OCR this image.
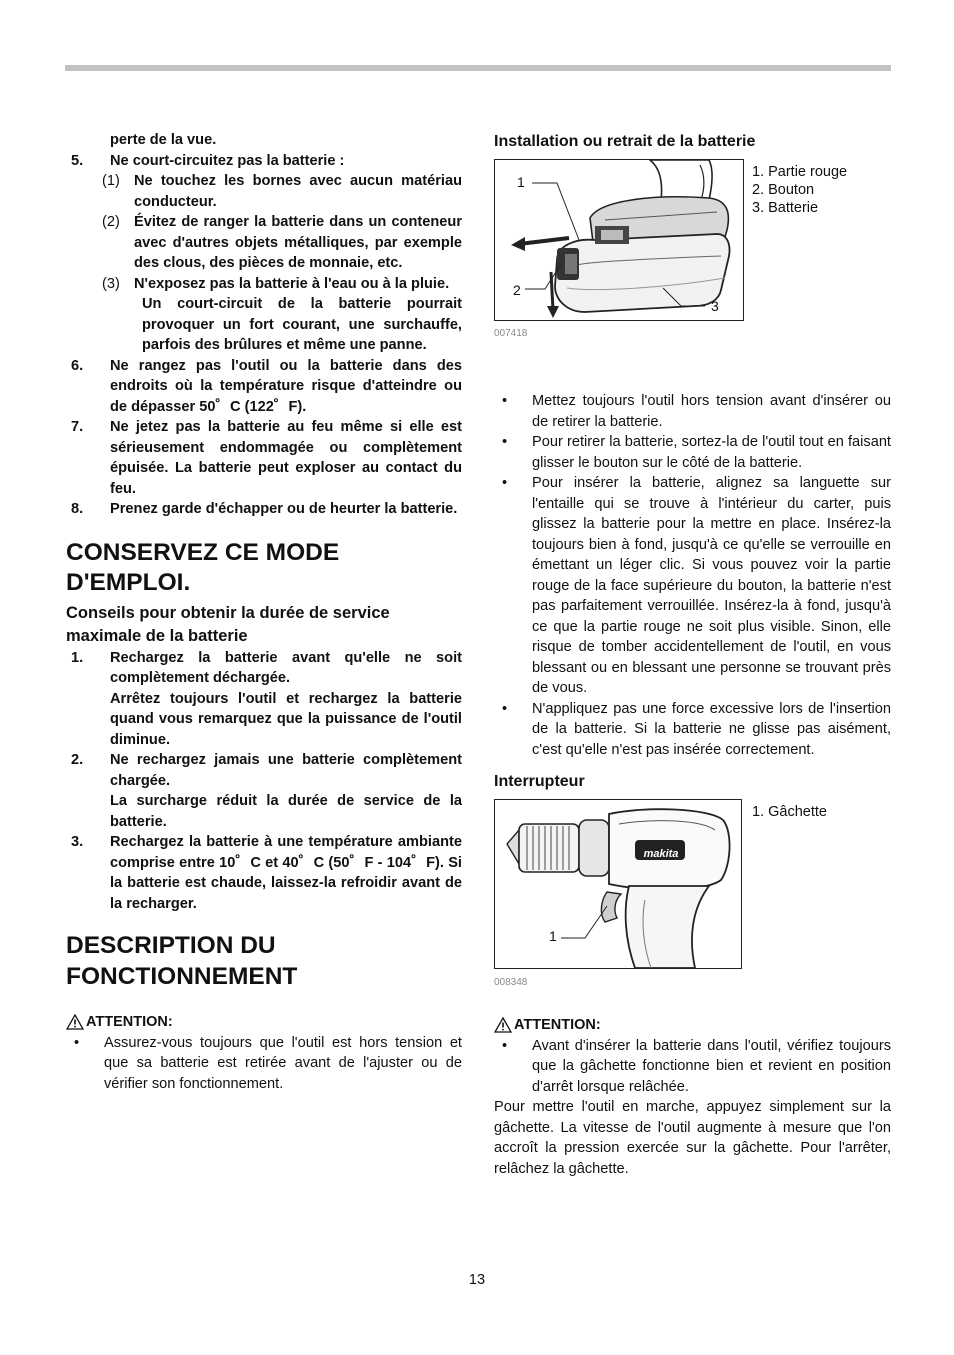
perte de la vue.
5.	Ne court-circuitez pas la batterie :
(1) Ne touchez les bornes avec aucun matériau conducteur.
(2) Évitez de ranger la batterie dans un conteneur avec d'autres objets métalliques, par exemple des clous, des pièces de monnaie, etc.
(3) N'exposez pas la batterie à l'eau ou à la pluie.
Un court-circuit de la batterie pourrait provoquer un fort courant, une surchauffe, parfois des brûlures et même une panne.
6.	Ne rangez pas l'outil ou la batterie dans des endroits où la température risque d'atteindre ou de dépasser 50゜C (122゜F).
7.	Ne jetez pas la batterie au feu même si elle est sérieusement endommagée ou complètement épuisée. La batterie peut exploser au contact du feu.
8.	Prenez garde d'échapper ou de heurter la batterie.
CONSERVEZ CE MODE D'EMPLOI.
Conseils pour obtenir la durée de service maximale de la batterie
1.	Rechargez la batterie avant qu'elle ne soit complètement déchargée.
Arrêtez toujours l'outil et rechargez la batterie quand vous remarquez que la puissance de l'outil diminue.
2.	Ne rechargez jamais une batterie complètement chargée.
La surcharge réduit la durée de service de la batterie.
3.	Rechargez la batterie à une température ambiante comprise entre 10゜C et 40゜C (50゜F - 104゜F). Si la batterie est chaude, laissez-la refroidir avant de la recharger.
DESCRIPTION DU FONCTIONNEMENT
ATTENTION:
•	Assurez-vous toujours que l'outil est hors tension et que sa batterie est retirée avant de l'ajuster ou de vérifier son fonctionnement.
Installation ou retrait de la batterie
1
2
3
007418
1. Partie rouge
2. Bouton
3. Batterie
•	Mettez toujours l'outil hors tension avant d'insérer ou de retirer la batterie.
•	Pour retirer la batterie, sortez-la de l'outil tout en faisant glisser le bouton sur le côté de la batterie.
•	Pour insérer la batterie, alignez sa languette sur l'entaille qui se trouve à l'intérieur du carter, puis glissez la batterie pour la mettre en place. Insérez-la toujours bien à fond, jusqu'à ce qu'elle se verrouille en émettant un léger clic. Si vous pouvez voir la partie rouge de la face supérieure du bouton, la batterie n'est pas parfaitement verrouillée. Insérez-la à fond, jusqu'à ce que la partie rouge ne soit plus visible. Sinon, elle risque de tomber accidentellement de l'outil, en vous blessant ou en blessant une personne se trouvant près de vous.
•	N'appliquez pas une force excessive lors de l'insertion de la batterie. Si la batterie ne glisse pas aisément, c'est qu'elle n'est pas insérée correctement.
Interrupteur
makita
1
008348
1. Gâchette
ATTENTION:
•	Avant d'insérer la batterie dans l'outil, vérifiez toujours que la gâchette fonctionne bien et revient en position d'arrêt lorsque relâchée.
Pour mettre l'outil en marche, appuyez simplement sur la gâchette. La vitesse de l'outil augmente à mesure que l'on accroît la pression exercée sur la gâchette. Pour l'arrêter, relâchez la gâchette.
13
